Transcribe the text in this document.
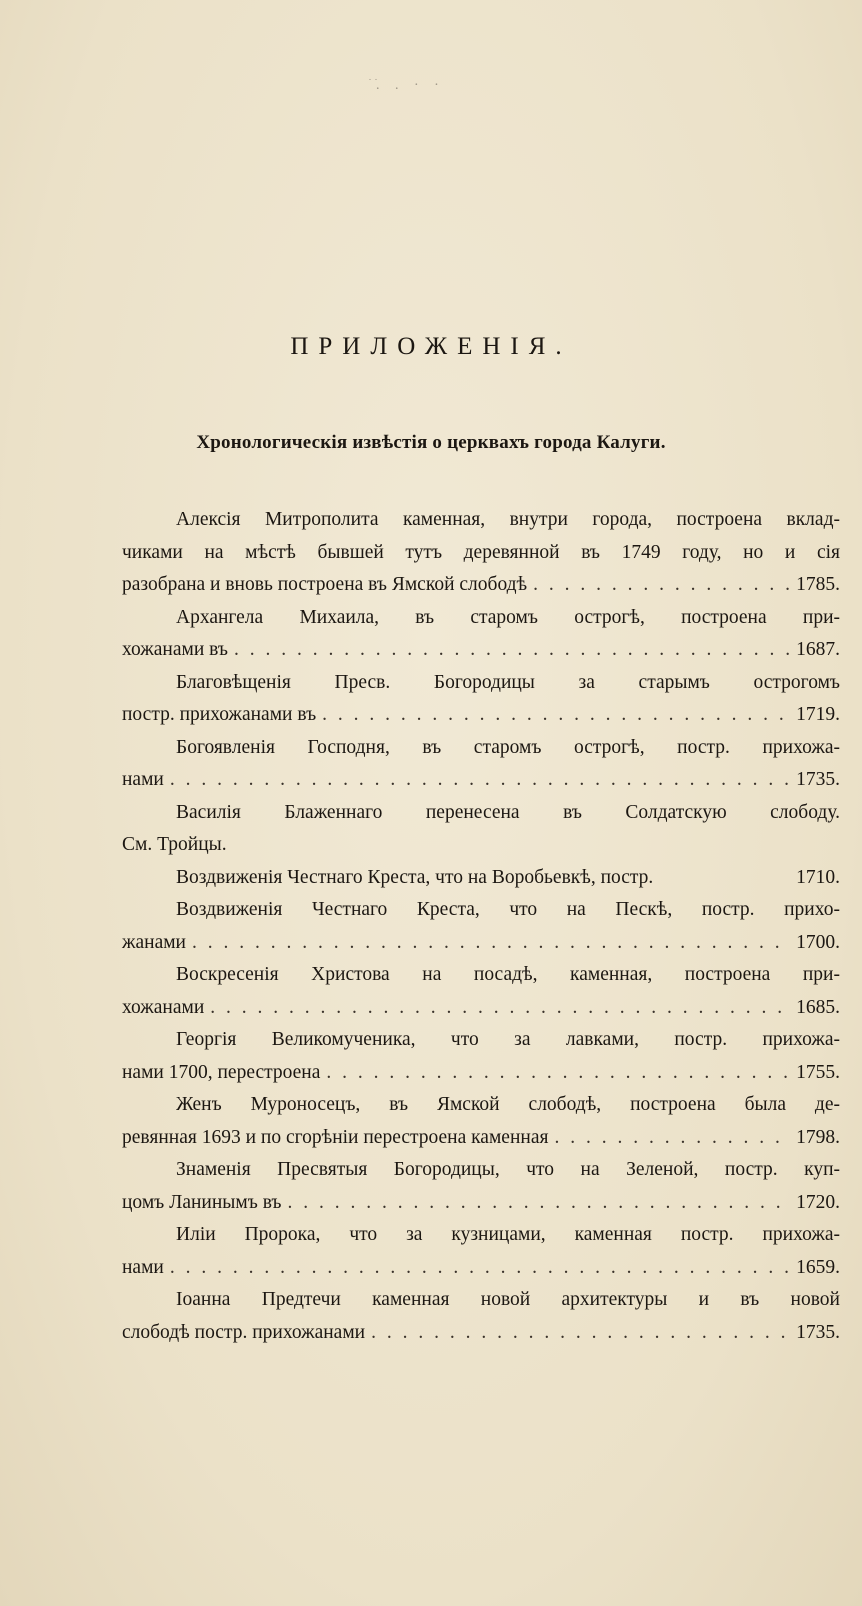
ׁ.ׁ . · ·
ПРИЛОЖЕНІЯ.
Хронологическія извѣстія о церквахъ города Калуги.
Алексія Митрополита каменная, внутри города, построена вклад-
чиками на мѣстѣ бывшей тутъ деревянной въ 1749 году, но и сія
разобрана и вновь построена въ Ямской слободѣ . . .	1785.
Архангела Михаила, въ старомъ острогѣ, построена при-
хожанами въ . . .	1687.
Благовѣщенія Пресв. Богородицы за старымъ острогомъ
постр. прихожанами въ . . .	1719.
Богоявленія Господня, въ старомъ острогѣ, постр. прихожа-
нами . . .	1735.
Василія Блаженнаго перенесена въ Солдатскую слободу.
См. Тройцы.
Воздвиженія Честнаго Креста, что на Воробьевкѣ, постр.	1710.
Воздвиженія Честнаго Креста, что на Пескѣ, постр. прихо-
жанами . . .	1700.
Воскресенія Христова на посадѣ, каменная, построена при-
хожанами . . .	1685.
Георгія Великомученика, что за лавками, постр. прихожа-
нами 1700, перестроена . . .	1755.
Женъ Муроносецъ, въ Ямской слободѣ, построена была де-
ревянная 1693 и по сгорѣніи перестроена каменная . . .	1798.
Знаменія Пресвятыя Богородицы, что на Зеленой, постр. куп-
цомъ Ланинымъ въ . . .	1720.
Иліи Пророка, что за кузницами, каменная постр. прихожа-
нами . . .	1659.
Іоанна Предтечи каменная новой архитектуры и въ новой
слободѣ постр. прихожанами . . .	1735.
